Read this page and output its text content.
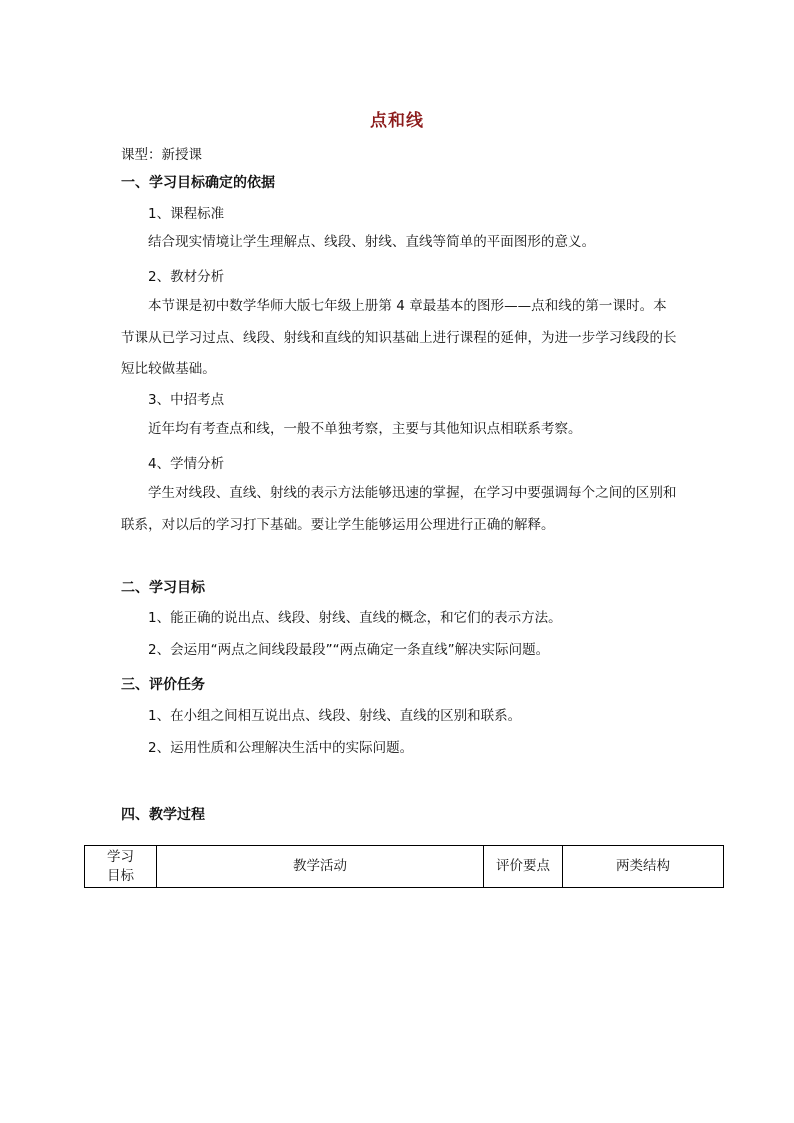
点和线
课型：新授课
一、学习目标确定的依据
1、课程标准
结合现实情境让学生理解点、线段、射线、直线等简单的平面图形的意义。
2、教材分析
本节课是初中数学华师大版七年级上册第 4 章最基本的图形——点和线的第一课时。本节课从已学习过点、线段、射线和直线的知识基础上进行课程的延伸，为进一步学习线段的长短比较做基础。
3、中招考点
近年均有考查点和线，一般不单独考察，主要与其他知识点相联系考察。
4、学情分析
学生对线段、直线、射线的表示方法能够迅速的掌握，在学习中要强调每个之间的区别和联系，对以后的学习打下基础。要让学生能够运用公理进行正确的解释。
二、学习目标
1、能正确的说出点、线段、射线、直线的概念，和它们的表示方法。
2、会运用“两点之间线段最段”“两点确定一条直线”解决实际问题。
三、评价任务
1、在小组之间相互说出点、线段、射线、直线的区别和联系。
2、运用性质和公理解决生活中的实际问题。
四、教学过程
学习
目标
	教学活动	评价要点	两类结构
